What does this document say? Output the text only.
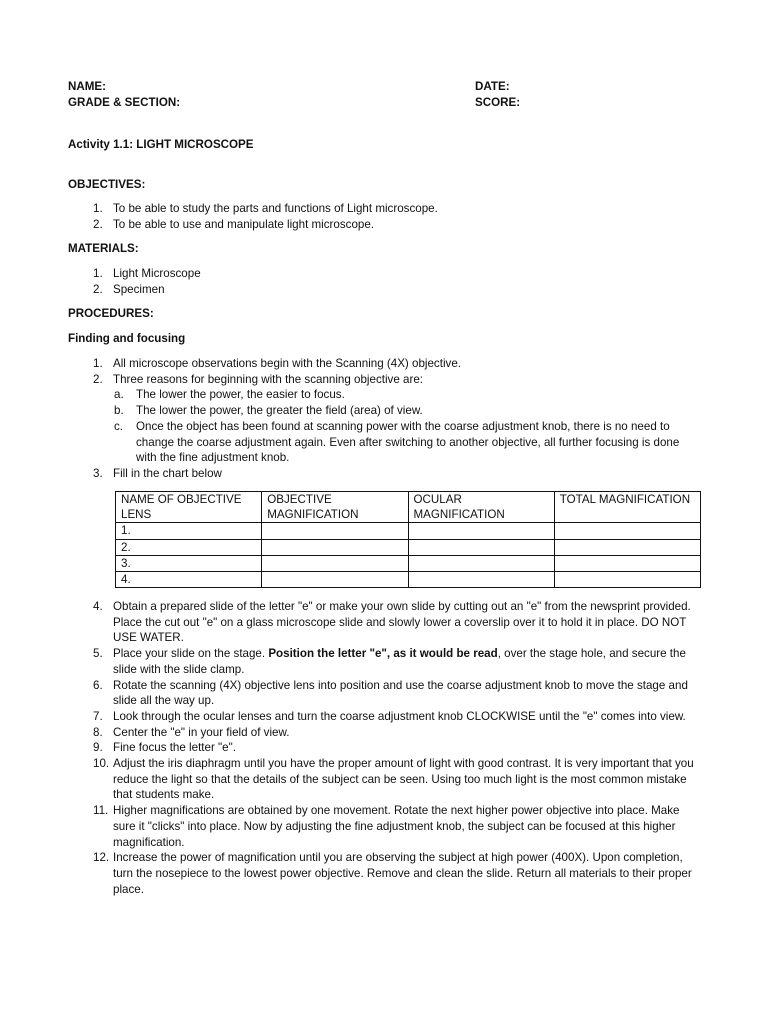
NAME:
GRADE & SECTION:
DATE:
SCORE:
Activity 1.1: LIGHT MICROSCOPE
OBJECTIVES:
1. To be able to study the parts and functions of Light microscope.
2. To be able to use and manipulate light microscope.
MATERIALS:
1. Light Microscope
2. Specimen
PROCEDURES:
Finding and focusing
1. All microscope observations begin with the Scanning (4X) objective.
2. Three reasons for beginning with the scanning objective are:
a.	The lower the power, the easier to focus.
b.	The lower the power, the greater the field (area) of view.
c.	Once the object has been found at scanning power with the coarse adjustment knob, there is no need to change the coarse adjustment again. Even after switching to another objective, all further focusing is done with the fine adjustment knob.
3. Fill in the chart below
NAME OF OBJECTIVE LENS	OBJECTIVE MAGNIFICATION	OCULAR MAGNIFICATION	TOTAL MAGNIFICATION
1.			
2.			
3.			
4.			
4. Obtain a prepared slide of the letter "e" or make your own slide by cutting out an "e" from the newsprint provided. Place the cut out "e" on a glass microscope slide and slowly lower a coverslip over it to hold it in place. DO NOT USE WATER.
5. Place your slide on the stage. Position the letter "e", as it would be read, over the stage hole, and secure the slide with the slide clamp.
6. Rotate the scanning (4X) objective lens into position and use the coarse adjustment knob to move the stage and slide all the way up.
7. Look through the ocular lenses and turn the coarse adjustment knob CLOCKWISE until the "e" comes into view.
8. Center the "e" in your field of view.
9. Fine focus the letter "e".
10. Adjust the iris diaphragm until you have the proper amount of light with good contrast. It is very important that you reduce the light so that the details of the subject can be seen. Using too much light is the most common mistake that students make.
11. Higher magnifications are obtained by one movement. Rotate the next higher power objective into place. Make sure it "clicks" into place. Now by adjusting the fine adjustment knob, the subject can be focused at this higher magnification.
12. Increase the power of magnification until you are observing the subject at high power (400X). Upon completion, turn the nosepiece to the lowest power objective. Remove and clean the slide. Return all materials to their proper place.
